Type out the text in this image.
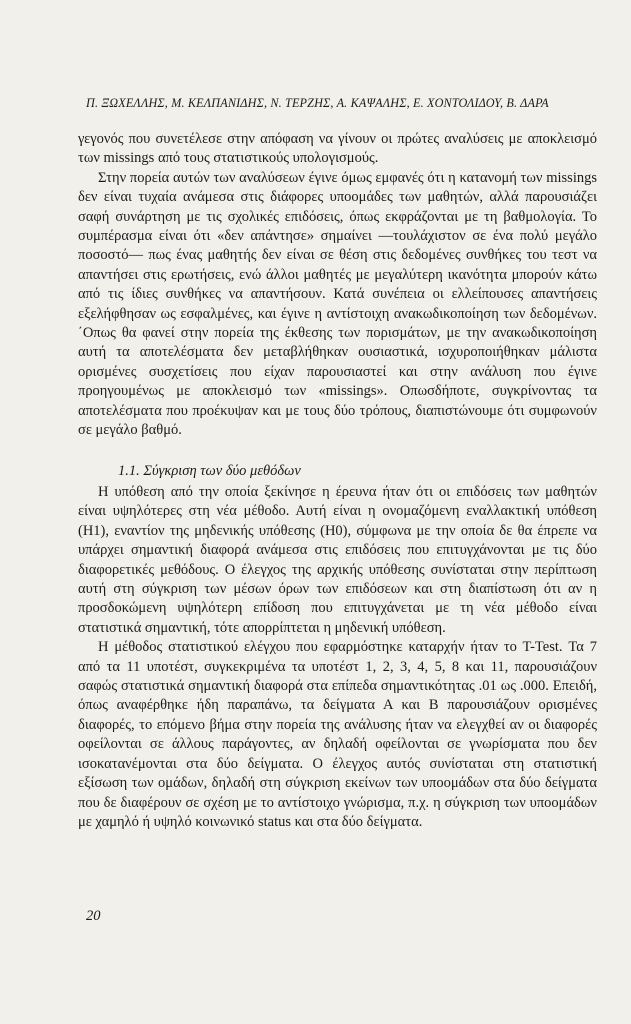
Π. ΞΩΧΕΛΛΗΣ, Μ. ΚΕΛΠΑΝΙΔΗΣ, Ν. ΤΕΡΖΗΣ, Α. ΚΑΨΑΛΗΣ, Ε. ΧΟΝΤΟΛΙΔΟΥ, Β. ΔΑΡΑ

γεγονός που συνετέλεσε στην απόφαση να γίνουν οι πρώτες αναλύσεις με αποκλεισμό των missings από τους στατιστικούς υπολογισμούς.

Στην πορεία αυτών των αναλύσεων έγινε όμως εμφανές ότι η κατανομή των missings δεν είναι τυχαία ανάμεσα στις διάφορες υποομάδες των μαθητών, αλλά παρουσιάζει σαφή συνάρτηση με τις σχολικές επιδόσεις, όπως εκφράζονται με τη βαθμολογία. Το συμπέρασμα είναι ότι «δεν απάντησε» σημαίνει —τουλάχιστον σε ένα πολύ μεγάλο ποσοστό— πως ένας μαθητής δεν είναι σε θέση στις δεδομένες συνθήκες του τεστ να απαντήσει στις ερωτήσεις, ενώ άλλοι μαθητές με μεγαλύτερη ικανότητα μπορούν κάτω από τις ίδιες συνθήκες να απαντήσουν. Κατά συνέπεια οι ελλείπουσες απαντήσεις εξελήφθησαν ως εσφαλμένες, και έγινε η αντίστοιχη ανακωδικοποίηση των δεδομένων. ΄Οπως θα φανεί στην πορεία της έκθεσης των πορισμάτων, με την ανακωδικοποίηση αυτή τα αποτελέσματα δεν μεταβλήθηκαν ουσιαστικά, ισχυροποιήθηκαν μάλιστα ορισμένες συσχετίσεις που είχαν παρουσιαστεί και στην ανάλυση που έγινε προηγουμένως με αποκλεισμό των «missings». Οπωσδήποτε, συγκρίνοντας τα αποτελέσματα που προέκυψαν και με τους δύο τρόπους, διαπιστώνουμε ότι συμφωνούν σε μεγάλο βαθμό.

1.1. Σύγκριση των δύο μεθόδων

Η υπόθεση από την οποία ξεκίνησε η έρευνα ήταν ότι οι επιδόσεις των μαθητών είναι υψηλότερες στη νέα μέθοδο. Αυτή είναι η ονομαζόμενη εναλλακτική υπόθεση (Η1), εναντίον της μηδενικής υπόθεσης (Η0), σύμφωνα με την οποία δε θα έπρεπε να υπάρχει σημαντική διαφορά ανάμεσα στις επιδόσεις που επιτυγχάνονται με τις δύο διαφορετικές μεθόδους. Ο έλεγχος της αρχικής υπόθεσης συνίσταται στην περίπτωση αυτή στη σύγκριση των μέσων όρων των επιδόσεων και στη διαπίστωση ότι αν η προσδοκώμενη υψηλότερη επίδοση που επιτυγχάνεται με τη νέα μέθοδο είναι στατιστικά σημαντική, τότε απορρίπτεται η μηδενική υπόθεση.

Η μέθοδος στατιστικού ελέγχου που εφαρμόστηκε καταρχήν ήταν το Τ-Test. Τα 7 από τα 11 υποτέστ, συγκεκριμένα τα υποτέστ 1, 2, 3, 4, 5, 8 και 11, παρουσιάζουν σαφώς στατιστικά σημαντική διαφορά στα επίπεδα σημαντικότητας .01 ως .000. Επειδή, όπως αναφέρθηκε ήδη παραπάνω, τα δείγματα Α και Β παρουσιάζουν ορισμένες διαφορές, το επόμενο βήμα στην πορεία της ανάλυσης ήταν να ελεγχθεί αν οι διαφορές οφείλονται σε άλλους παράγοντες, αν δηλαδή οφείλονται σε γνωρίσματα που δεν ισοκατανέμονται στα δύο δείγματα. Ο έλεγχος αυτός συνίσταται στη στατιστική εξίσωση των ομάδων, δηλαδή στη σύγκριση εκείνων των υποομάδων στα δύο δείγματα που δε διαφέρουν σε σχέση με το αντίστοιχο γνώρισμα, π.χ. η σύγκριση των υποομάδων με χαμηλό ή υψηλό κοινωνικό status και στα δύο δείγματα.

20
